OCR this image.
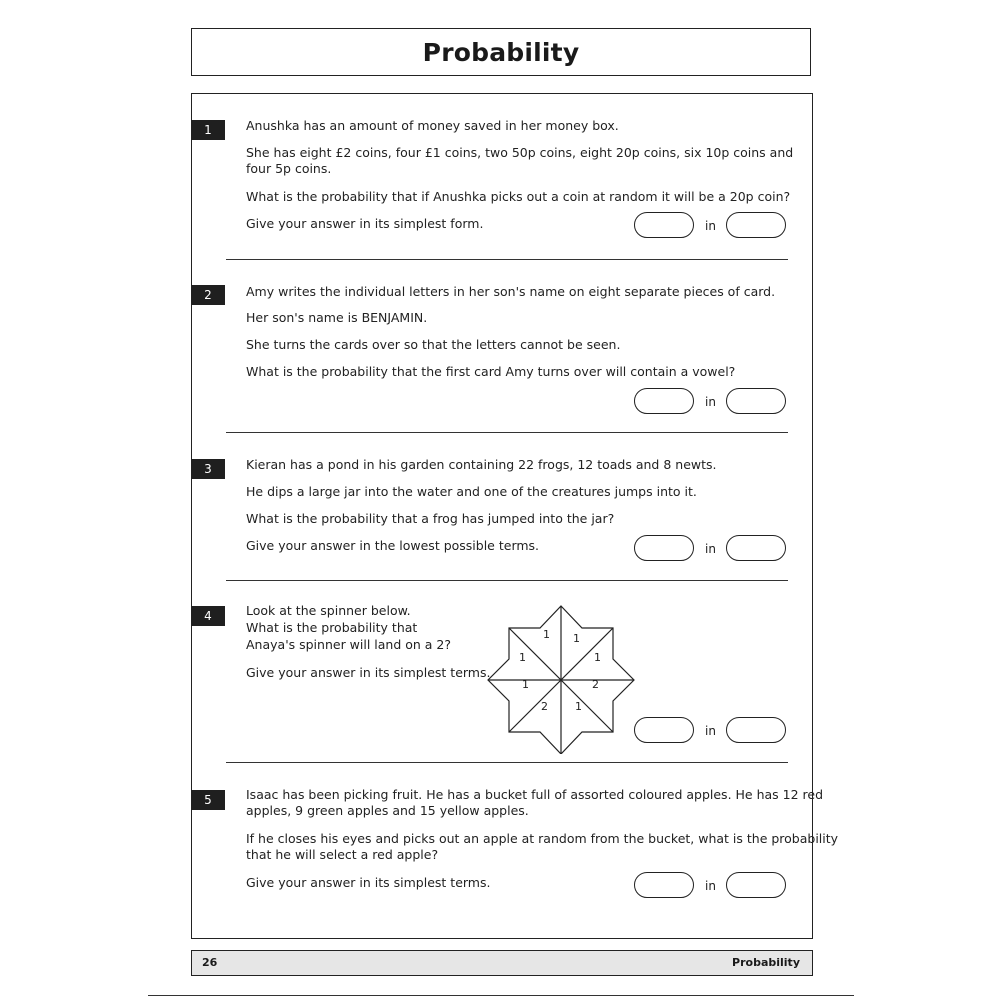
Probability
1	Anushka has an amount of money saved in her money box.
She has eight £2 coins, four £1 coins, two 50p coins, eight 20p coins, six 10p coins and
four 5p coins.
What is the probability that if Anushka picks out a coin at random it will be a 20p coin?
Give your answer in its simplest form.	in
2	Amy writes the individual letters in her son's name on eight separate pieces of card.
Her son's name is BENJAMIN.
She turns the cards over so that the letters cannot be seen.
What is the probability that the first card Amy turns over will contain a vowel?
in
3	Kieran has a pond in his garden containing 22 frogs, 12 toads and 8 newts.
He dips a large jar into the water and one of the creatures jumps into it.
What is the probability that a frog has jumped into the jar?
Give your answer in the lowest possible terms.	in
4	Look at the spinner below.
What is the probability that
Anaya's spinner will land on a 2?
Give your answer in its simplest terms.
1 1
1	1
2
1
2 1
in
5	Isaac has been picking fruit. He has a bucket full of assorted coloured apples. He has 12 red
apples, 9 green apples and 15 yellow apples.
If he closes his eyes and picks out an apple at random from the bucket, what is the probability
that he will select a red apple?
Give your answer in its simplest terms.	in
26	Probability
